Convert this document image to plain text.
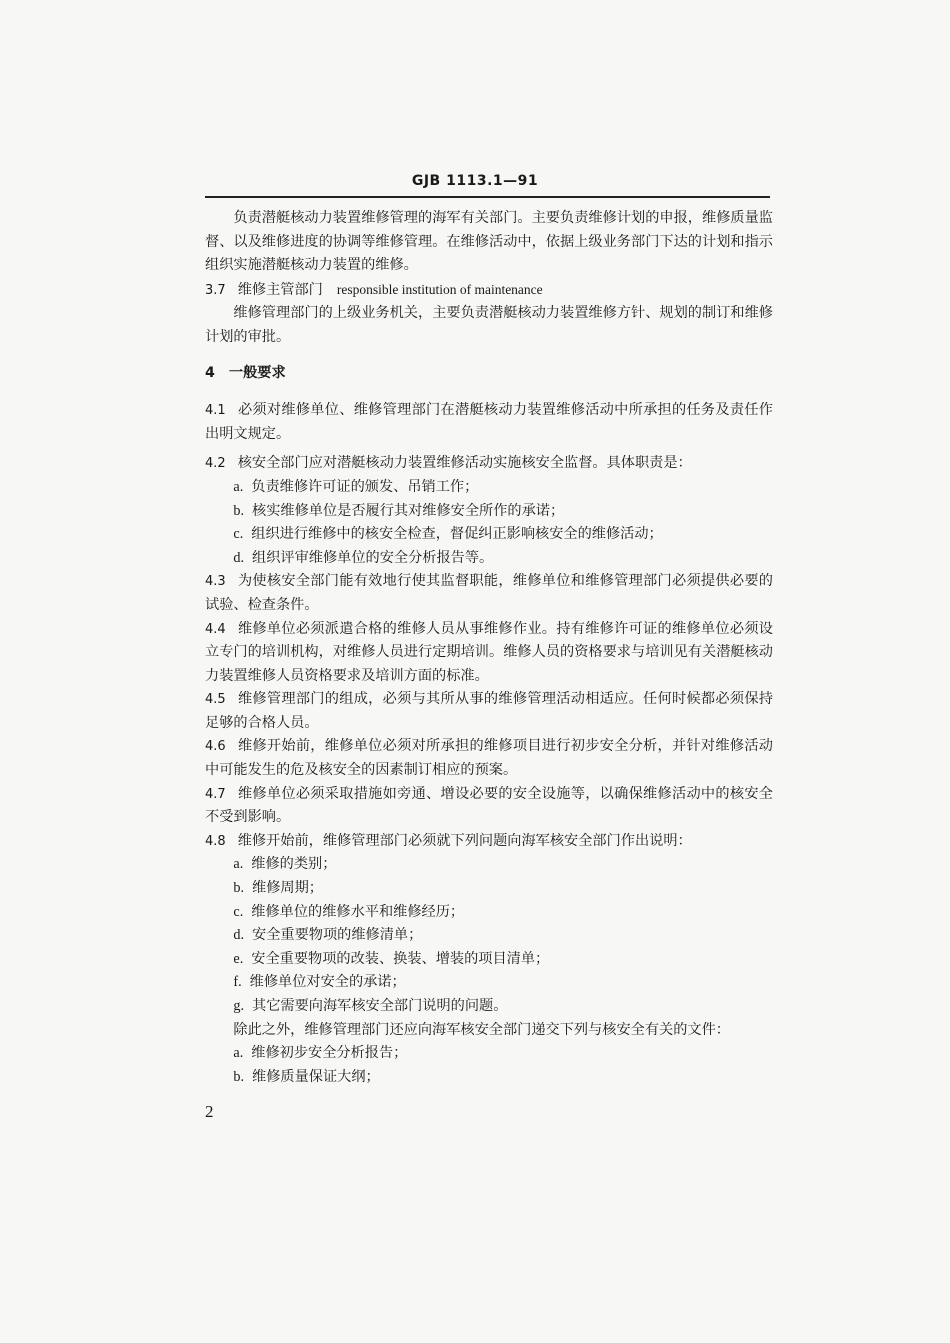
GJB 1113.1—91

负责潜艇核动力装置维修管理的海军有关部门。主要负责维修计划的申报，维修质量监督、以及维修进度的协调等维修管理。在维修活动中，依据上级业务部门下达的计划和指示组织实施潜艇核动力装置的维修。

3.7 维修主管部门 responsible institution of maintenance

维修管理部门的上级业务机关，主要负责潜艇核动力装置维修方针、规划的制订和维修计划的审批。

4 一般要求

4.1 必须对维修单位、维修管理部门在潜艇核动力装置维修活动中所承担的任务及责任作出明文规定。

4.2 核安全部门应对潜艇核动力装置维修活动实施核安全监督。具体职责是：

a. 负责维修许可证的颁发、吊销工作；

b. 核实维修单位是否履行其对维修安全所作的承诺；

c. 组织进行维修中的核安全检查，督促纠正影响核安全的维修活动；

d. 组织评审维修单位的安全分析报告等。

4.3 为使核安全部门能有效地行使其监督职能，维修单位和维修管理部门必须提供必要的试验、检查条件。

4.4 维修单位必须派遣合格的维修人员从事维修作业。持有维修许可证的维修单位必须设立专门的培训机构，对维修人员进行定期培训。维修人员的资格要求与培训见有关潜艇核动力装置维修人员资格要求及培训方面的标准。

4.5 维修管理部门的组成，必须与其所从事的维修管理活动相适应。任何时候都必须保持足够的合格人员。

4.6 维修开始前，维修单位必须对所承担的维修项目进行初步安全分析，并针对维修活动中可能发生的危及核安全的因素制订相应的预案。

4.7 维修单位必须采取措施如旁通、增设必要的安全设施等，以确保维修活动中的核安全不受到影响。

4.8 维修开始前，维修管理部门必须就下列问题向海军核安全部门作出说明：

a. 维修的类别；

b. 维修周期；

c. 维修单位的维修水平和维修经历；

d. 安全重要物项的维修清单；

e. 安全重要物项的改装、换装、增装的项目清单；

f. 维修单位对安全的承诺；

g. 其它需要向海军核安全部门说明的问题。

除此之外，维修管理部门还应向海军核安全部门递交下列与核安全有关的文件：

a. 维修初步安全分析报告；

b. 维修质量保证大纲；

2
